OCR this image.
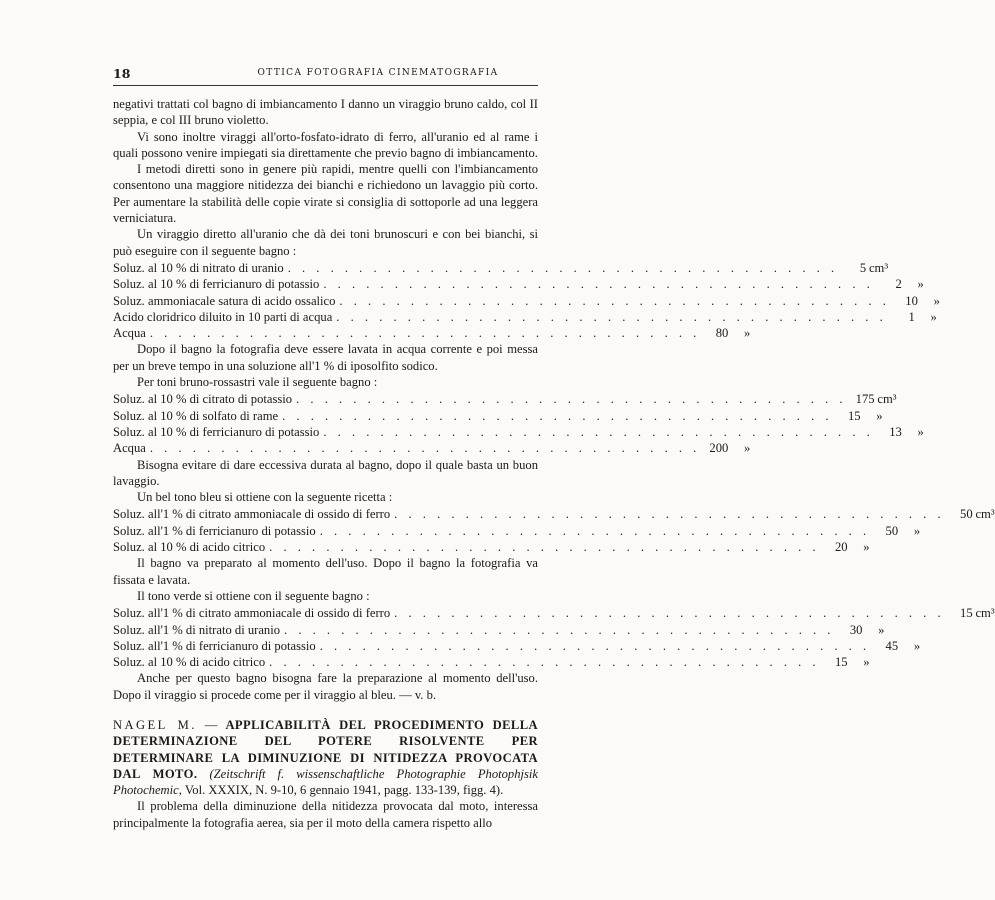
18	OTTICA FOTOGRAFIA CINEMATOGRAFIA

negativi trattati col bagno di imbiancamento I danno un viraggio bruno caldo, col II seppia, e col III bruno violetto.

Vi sono inoltre viraggi all'orto-fosfato-idrato di ferro, all'uranio ed al rame i quali possono venire impiegati sia direttamente che previo bagno di imbiancamento.

I metodi diretti sono in genere più rapidi, mentre quelli con l'imbiancamento consentono una maggiore nitidezza dei bianchi e richiedono un lavaggio più corto. Per aumentare la stabilità delle copie virate si consiglia di sottoporle ad una leggera verniciatura.

Un viraggio diretto all'uranio che dà dei toni brunoscuri e con bei bianchi, si può eseguire con il seguente bagno :

Soluz. al 10 % di nitrato di uranio . . . . . . . . . . . . . . . . . . . . . . . . . . . . . . . . . . . . . . .	5 cm³
Soluz. al 10 % di ferricianuro di potassio . . . . . . . . . . . . . . . . . . . . . . . . . . . . . . . . . . . . . . .	2	»
Soluz. ammoniacale satura di acido ossalico . . . . . . . . . . . . . . . . . . . . . . . . . . . . . . . . . . . . . . .	10	»
Acido cloridrico diluito in 10 parti di acqua . . . . . . . . . . . . . . . . . . . . . . . . . . . . . . . . . . . . . . .	1	»
Acqua . . . . . . . . . . . . . . . . . . . . . . . . . . . . . . . . . . . . . . .	80	»

Dopo il bagno la fotografia deve essere lavata in acqua corrente e poi messa per un breve tempo in una soluzione all'1 % di iposolfito sodico.

Per toni bruno-rossastri vale il seguente bagno :

Soluz. al 10 % di citrato di potassio . . . . . . . . . . . . . . . . . . . . . . . . . . . . . . . . . . . . . . . 175 cm³
Soluz. al 10 % di solfato di rame . . . . . . . . . . . . . . . . . . . . . . . . . . . . . . . . . . . . . . .	15	»
Soluz. al 10 % di ferricianuro di potassio . . . . . . . . . . . . . . . . . . . . . . . . . . . . . . . . . . . . . . .	13	»
Acqua . . . . . . . . . . . . . . . . . . . . . . . . . . . . . . . . . . . . . . . 200	»

Bisogna evitare di dare eccessiva durata al bagno, dopo il quale basta un buon lavaggio.

Un bel tono bleu si ottiene con la seguente ricetta :

Soluz. all'1 % di citrato ammoniacale di ossido di ferro . . . . . . . . . . . . . . . . . . . . . . . . . . . . . . . . . . . . . . .	50 cm³
Soluz. all'1 % di ferricianuro di potassio . . . . . . . . . . . . . . . . . . . . . . . . . . . . . . . . . . . . . . .	50	»
Soluz. al 10 % di acido citrico . . . . . . . . . . . . . . . . . . . . . . . . . . . . . . . . . . . . . . .	20	»

Il bagno va preparato al momento dell'uso. Dopo il bagno la fotografia va fissata e lavata.

Il tono verde si ottiene con il seguente bagno :

Soluz. all'1 % di citrato ammoniacale di ossido di ferro . . . . . . . . . . . . . . . . . . . . . . . . . . . . . . . . . . . . . . .	15 cm³
Soluz. all'1 % di nitrato di uranio . . . . . . . . . . . . . . . . . . . . . . . . . . . . . . . . . . . . . . .	30	»
Soluz. all'1 % di ferricianuro di potassio . . . . . . . . . . . . . . . . . . . . . . . . . . . . . . . . . . . . . . .	45	»
Soluz. al 10 % di acido citrico . . . . . . . . . . . . . . . . . . . . . . . . . . . . . . . . . . . . . . .	15	»

Anche per questo bagno bisogna fare la preparazione al momento dell'uso. Dopo il viraggio si procede come per il viraggio al bleu. — v. b.

NAGEL M. — APPLICABILITÀ DEL PROCEDIMENTO DELLA DETERMINAZIONE DEL POTERE RISOLVENTE PER DETERMINARE LA DIMINUZIONE DI NITIDEZZA PROVOCATA DAL MOTO. (Zeitschrift f. wissenschaftliche Photographie Photophjsik Photochemic, Vol. XXXIX, N. 9-10, 6 gennaio 1941, pagg. 133-139, figg. 4).

Il problema della diminuzione della nitidezza provocata dal moto, interessa principalmente la fotografia aerea, sia per il moto della camera rispetto allo
